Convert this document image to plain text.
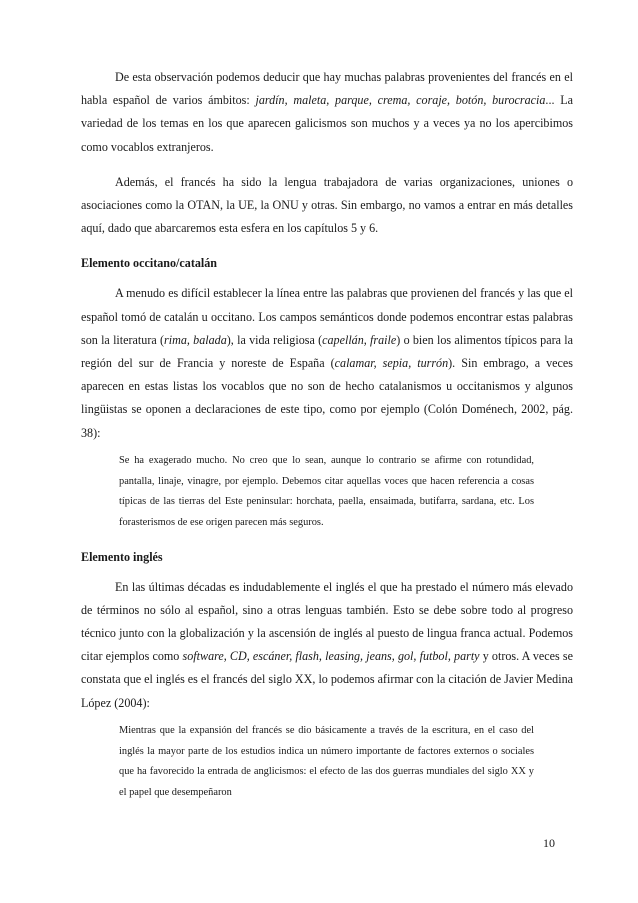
De esta observación podemos deducir que hay muchas palabras provenientes del francés en el habla español de varios ámbitos: jardín, maleta, parque, crema, coraje, botón, burocracia... La variedad de los temas en los que aparecen galicismos son muchos y a veces ya no los apercibimos como vocablos extranjeros.

Además, el francés ha sido la lengua trabajadora de varias organizaciones, uniones o asociaciones como la OTAN, la UE, la ONU y otras. Sin embargo, no vamos a entrar en más detalles aquí, dado que abarcaremos esta esfera en los capítulos 5 y 6.

Elemento occitano/catalán

A menudo es difícil establecer la línea entre las palabras que provienen del francés y las que el español tomó de catalán u occitano. Los campos semánticos donde podemos encontrar estas palabras son la literatura (rima, balada), la vida religiosa (capellán, fraile) o bien los alimentos típicos para la región del sur de Francia y noreste de España (calamar, sepia, turrón). Sin embrago, a veces aparecen en estas listas los vocablos que no son de hecho catalanismos u occitanismos y algunos lingüistas se oponen a declaraciones de este tipo, como por ejemplo (Colón Doménech, 2002, pág. 38):

Se ha exagerado mucho. No creo que lo sean, aunque lo contrario se afirme con rotundidad, pantalla, linaje, vinagre, por ejemplo. Debemos citar aquellas voces que hacen referencia a cosas típicas de las tierras del Este peninsular: horchata, paella, ensaimada, butifarra, sardana, etc. Los forasterismos de ese origen parecen más seguros.
Elemento inglés

En las últimas décadas es indudablemente el inglés el que ha prestado el número más elevado de términos no sólo al español, sino a otras lenguas también. Esto se debe sobre todo al progreso técnico junto con la globalización y la ascensión de inglés al puesto de lingua franca actual. Podemos citar ejemplos como software, CD, escáner, flash, leasing, jeans, gol, futbol, party y otros. A veces se constata que el inglés es el francés del siglo XX, lo podemos afirmar con la citación de Javier Medina López (2004):

Mientras que la expansión del francés se dio básicamente a través de la escritura, en el caso del inglés la mayor parte de los estudios indica un número importante de factores externos o sociales que ha favorecido la entrada de anglicismos: el efecto de las dos guerras mundiales del siglo XX y el papel que desempeñaron
10
